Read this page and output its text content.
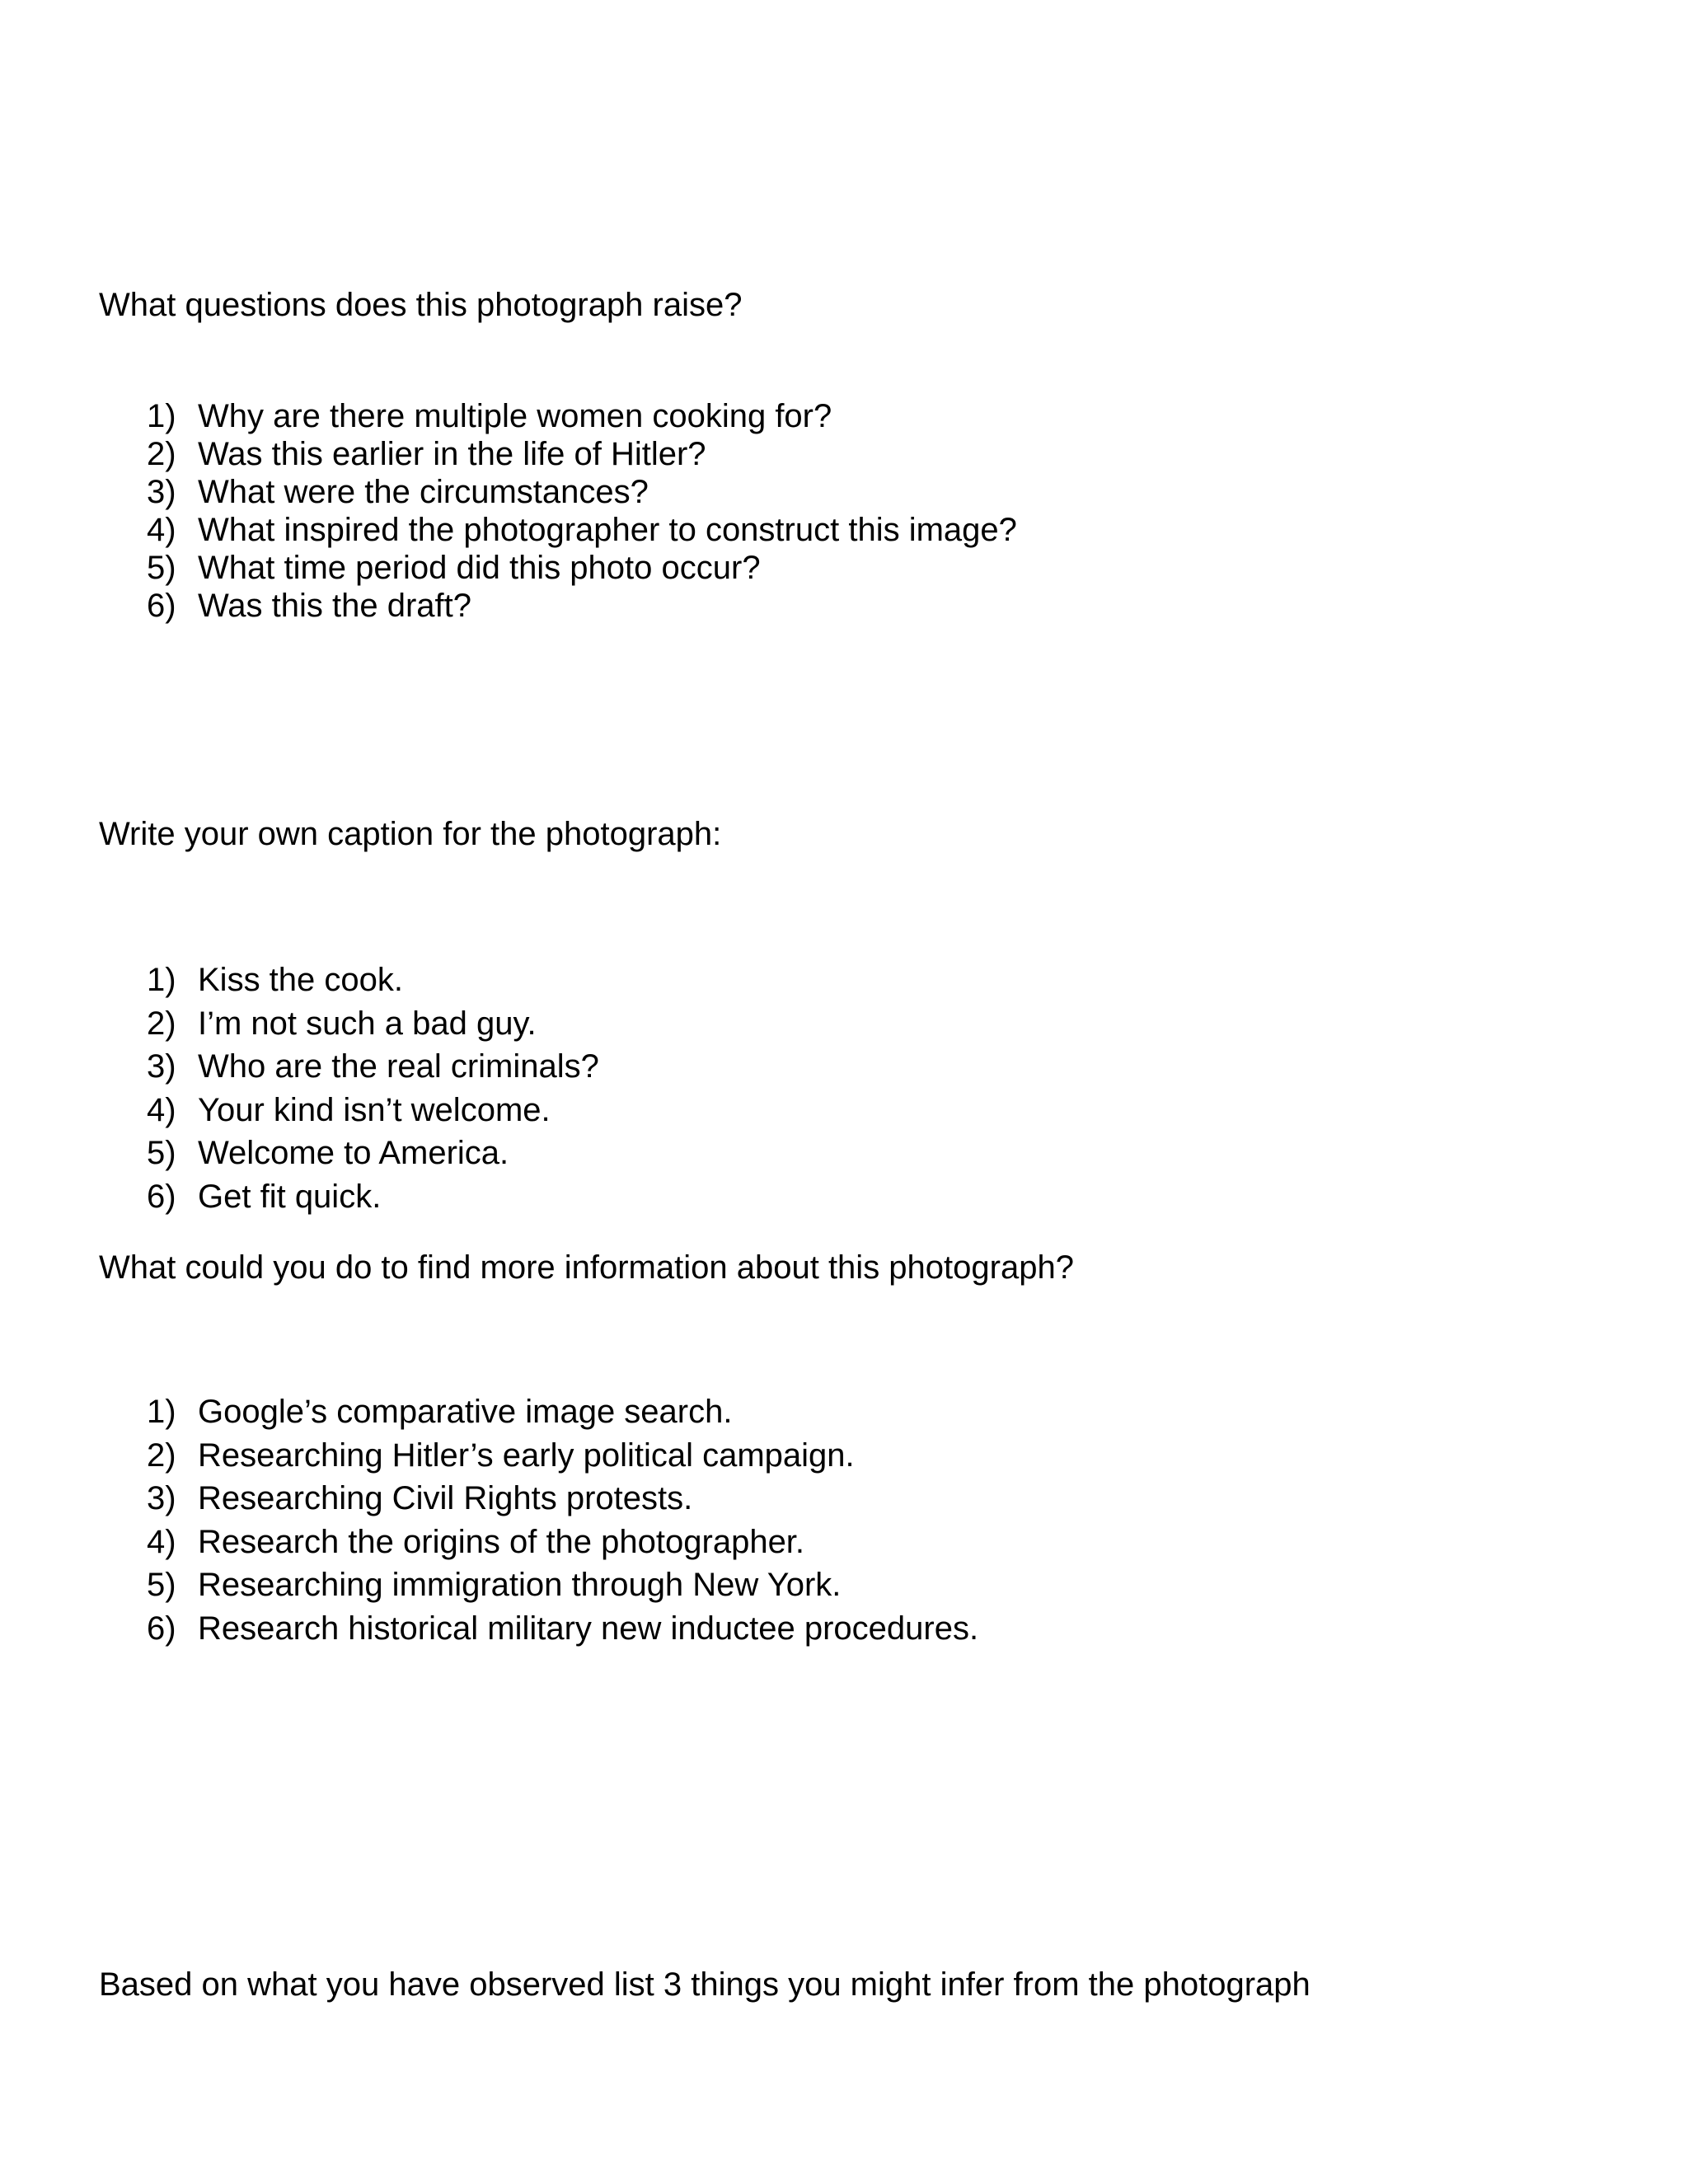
What questions does this photograph raise?

1) Why are there multiple women cooking for?
2) Was this earlier in the life of Hitler?
3) What were the circumstances?
4) What inspired the photographer to construct this image?
5) What time period did this photo occur?
6) Was this the draft?

Write your own caption for the photograph:

1) Kiss the cook.
2) I’m not such a bad guy.
3) Who are the real criminals?
4) Your kind isn’t welcome.
5) Welcome to America.
6) Get fit quick.

What could you do to find more information about this photograph?

1) Google’s comparative image search.
2) Researching Hitler’s early political campaign.
3) Researching Civil Rights protests.
4) Research the origins of the photographer.
5) Researching immigration through New York.
6) Research historical military new inductee procedures.

Based on what you have observed list 3 things you might infer from the photograph
